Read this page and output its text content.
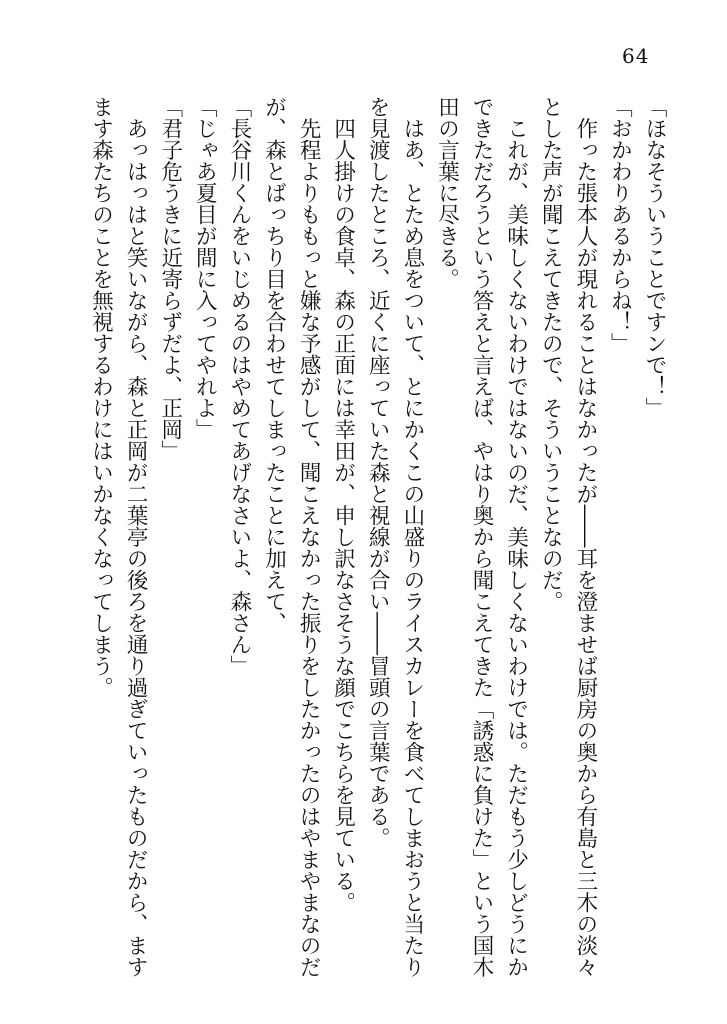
64

「ほなそういうことですンで！」

「おかわりあるからね！」

　作った張本人が現れることはなかったが――耳を澄ませば厨房の奥から有島と三木の淡々

とした声が聞こえてきたので、そういうことなのだ。

　これが、美味しくないわけではないのだ、美味しくないわけでは。ただもう少しどうにか

できただろうという答えと言えば、やはり奥から聞こえてきた「誘惑に負けた」という国木

田の言葉に尽きる。

　はあ、とため息をついて、とにかくこの山盛りのライスカレーを食べてしまおうと当たり

を見渡したところ、近くに座っていた森と視線が合い――冒頭の言葉である。

　四人掛けの食卓、森の正面には幸田が、申し訳なさそうな顔でこちらを見ている。

　先程よりももっと嫌な予感がして、聞こえなかった振りをしたかったのはやまやまなのだ

が、森とばっちり目を合わせてしまったことに加えて、

「長谷川くんをいじめるのはやめてあげなさいよ、森さん」

「じゃあ夏目が間に入ってやれよ」

「君子危うきに近寄らずだよ、正岡」

　あっはっはと笑いながら、森と正岡が二葉亭の後ろを通り過ぎていったものだから、ます

ます森たちのことを無視するわけにはいかなくなってしまう。
